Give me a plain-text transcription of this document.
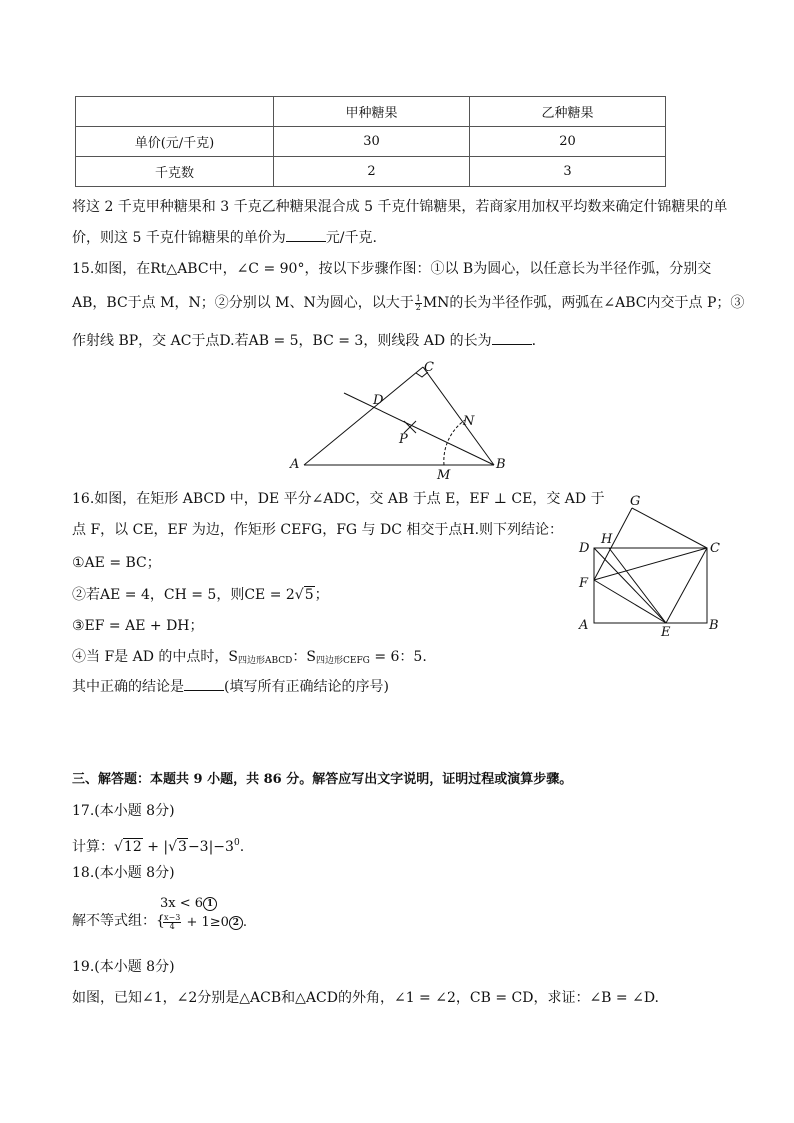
	甲种糖果	乙种糖果
单价(元/千克)	30	20
千克数	2	3
将这 2 千克甲种糖果和 3 千克乙种糖果混合成 5 千克什锦糖果，若商家用加权平均数来确定什锦糖果的单
价，则这 5 千克什锦糖果的单价为	元/千克.
15.如图，在Rt△ABC中，∠C = 90°，按以下步骤作图：①以 B为圆心，以任意长为半径作弧，分别交
AB，BC于点 M，N；②分别以 M、N为圆心，以大于 $\frac{1}{2}MN$的长为半径作弧，两弧在∠ABC内交于点 P；③
作射线 BP，交 AC于点D.若AB = 5，BC = 3，则线段 AD 的长为	.
A	B
C
D
P
N
M
16.如图，在矩形 ABCD 中，DE 平分∠ADC，交 AB 于点 E，EF ⊥ CE，交 AD 于
点 F，以 CE，EF 为边，作矩形 CEFG，FG 与 DC 相交于点H.则下列结论：
①AE = BC；
②若AE = 4，CH = 5，则CE = 2√5；
③EF = AE + DH；
④当 F是 AD 的中点时，$S_{四边形ABCD}$：$S_{四边形CEFG} = 6$：5.
其中正确的结论是	(填写所有正确结论的序号)
D	C
A	B
E
F
G
H
三、解答题：本题共 9 小题，共 86 分。解答应写出文字说明，证明过程或演算步骤。
17.(本小题 8分)
计算：$√12 + |√3-3|-3^0$.
18.(本小题 8分)
解不等式组：{
3x < 6 1
$\frac{x-3}{4} + 1\ge 0$ 2 .
19.(本小题 8分)
如图，已知∠1，∠2分别是△ACB和△ACD的外角，∠1 = ∠2，CB = CD，求证：∠B = ∠D.
